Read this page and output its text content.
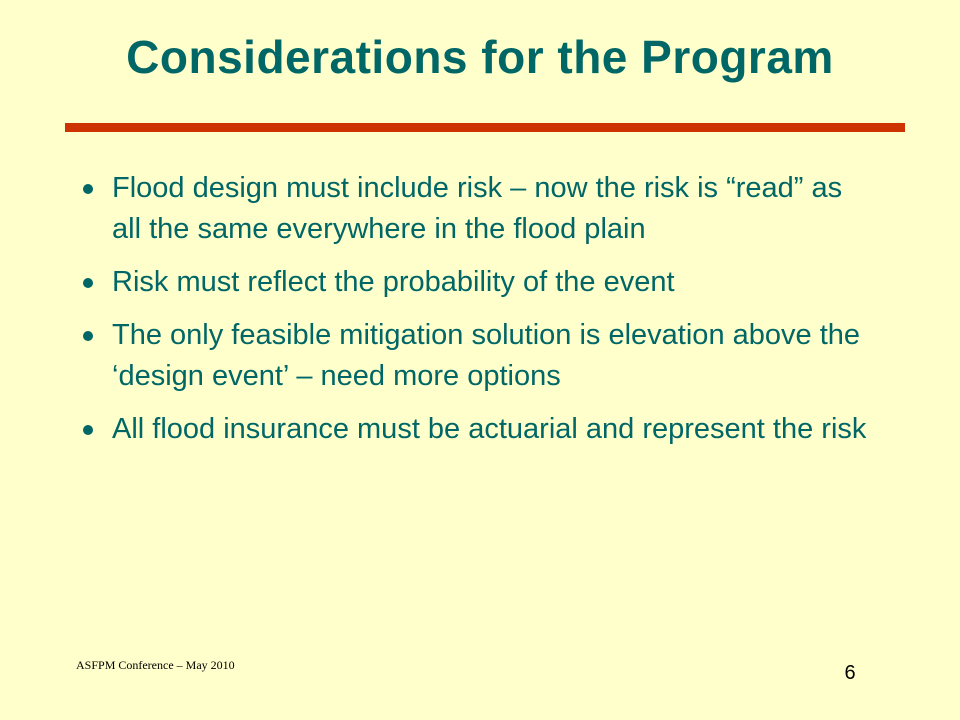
Considerations for the Program
Flood design must include risk – now the risk is “read” as all the same everywhere in the flood plain
Risk must reflect the probability of the event
The only feasible mitigation solution is elevation above the ‘design event’ – need more options
All flood insurance must be actuarial and represent the risk
ASFPM Conference – May 2010	6
